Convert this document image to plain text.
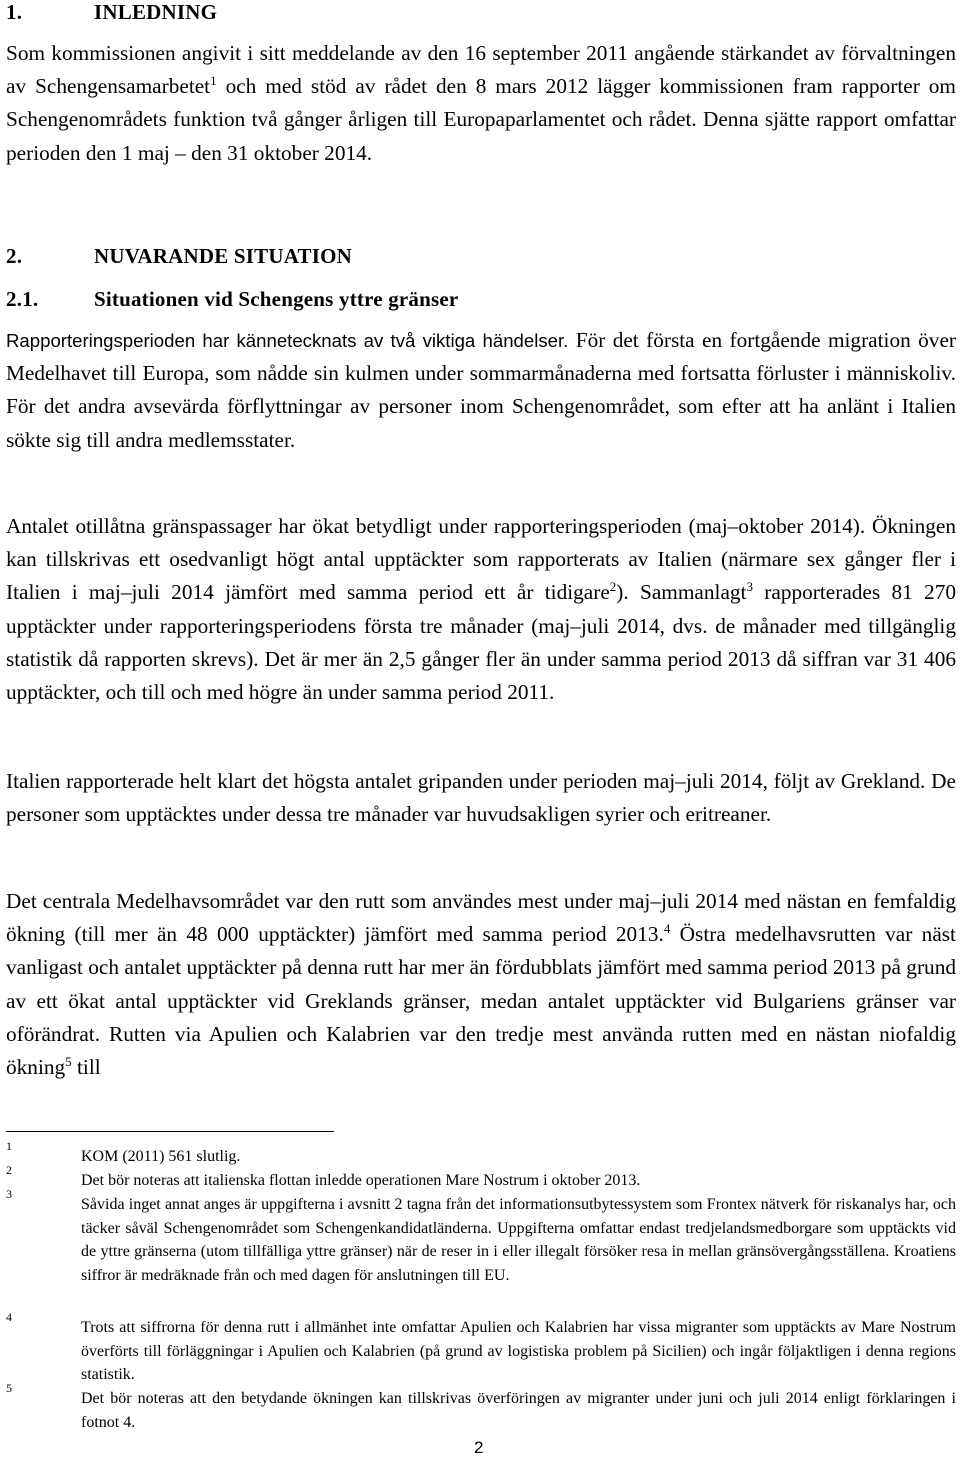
1.	INLEDNING
Som kommissionen angivit i sitt meddelande av den 16 september 2011 angående stärkandet av förvaltningen av Schengensamarbetet$^1$ och med stöd av rådet den 8 mars 2012 lägger kommissionen fram rapporter om Schengenområdets funktion två gånger årligen till Europaparlamentet och rådet. Denna sjätte rapport omfattar perioden den 1 maj – den 31 oktober 2014.
2.	NUVARANDE SITUATION
2.1.	Situationen vid Schengens yttre gränser
Rapporteringsperioden har kännetecknats av två viktiga händelser. För det första en fortgående migration över Medelhavet till Europa, som nådde sin kulmen under sommarmånaderna med fortsatta förluster i människoliv. För det andra avsevärda förflyttningar av personer inom Schengenområdet, som efter att ha anlänt i Italien sökte sig till andra medlemsstater.
Antalet otillåtna gränspassager har ökat betydligt under rapporteringsperioden (maj–oktober 2014). Ökningen kan tillskrivas ett osedvanligt högt antal upptäckter som rapporterats av Italien (närmare sex gånger fler i Italien i maj–juli 2014 jämfört med samma period ett år tidigare$^2$). Sammanlagt$^3$ rapporterades 81 270 upptäckter under rapporteringsperiodens första tre månader (maj–juli 2014, dvs. de månader med tillgänglig statistik då rapporten skrevs). Det är mer än 2,5 gånger fler än under samma period 2013 då siffran var 31 406 upptäckter, och till och med högre än under samma period 2011.
Italien rapporterade helt klart det högsta antalet gripanden under perioden maj–juli 2014, följt av Grekland. De personer som upptäcktes under dessa tre månader var huvudsakligen syrier och eritreaner.
Det centrala Medelhavsområdet var den rutt som användes mest under maj–juli 2014 med nästan en femfaldig ökning (till mer än 48 000 upptäckter) jämfört med samma period 2013.$^4$ Östra medelhavsrutten var näst vanligast och antalet upptäckter på denna rutt har mer än fördubblats jämfört med samma period 2013 på grund av ett ökat antal upptäckter vid Greklands gränser, medan antalet upptäckter vid Bulgariens gränser var oförändrat. Rutten via Apulien och Kalabrien var den tredje mest använda rutten med en nästan niofaldig ökning$^5$ till
1
KOM (2011) 561 slutlig.
2
Det bör noteras att italienska flottan inledde operationen Mare Nostrum i oktober 2013.
3
Såvida inget annat anges är uppgifterna i avsnitt 2 tagna från det informationsutbytessystem som Frontex nätverk för riskanalys har, och täcker såväl Schengenområdet som Schengenkandidatländerna. Uppgifterna omfattar endast tredjelandsmedborgare som upptäckts vid de yttre gränserna (utom tillfälliga yttre gränser) när de reser in i eller illegalt försöker resa in mellan gränsövergångsställena. Kroatiens siffror är medräknade från och med dagen för anslutningen till EU.
4
Trots att siffrorna för denna rutt i allmänhet inte omfattar Apulien och Kalabrien har vissa migranter som upptäckts av Mare Nostrum överförts till förläggningar i Apulien och Kalabrien (på grund av logistiska problem på Sicilien) och ingår följaktligen i denna regions statistik.
5
Det bör noteras att den betydande ökningen kan tillskrivas överföringen av migranter under juni och juli 2014 enligt förklaringen i fotnot 4.
2
